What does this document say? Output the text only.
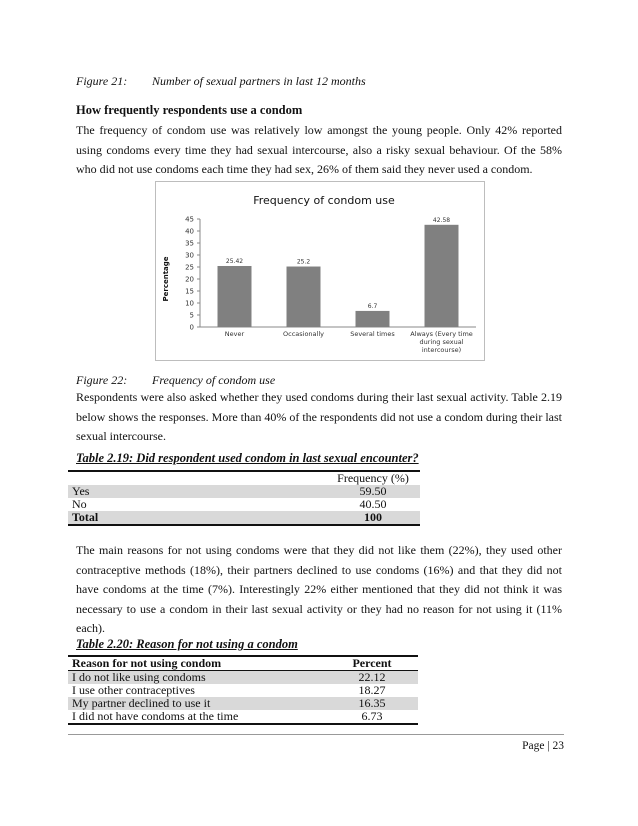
Figure 21: Number of sexual partners in last 12 months
How frequently respondents use a condom
The frequency of condom use was relatively low amongst the young people. Only 42% reported using condoms every time they had sexual intercourse, also a risky sexual behaviour. Of the 58% who did not use condoms each time they had sex, 26% of them said they never used a condom.
Frequency of condom use
Percentage
0
5
10
15
20
25
30
35
40
45
25.42
Never
25.2
Occasionally
6.7
Several times
42.58
Always (Every time during sexual intercourse)
Figure 22: Frequency of condom use
Respondents were also asked whether they used condoms during their last sexual activity. Table 2.19 below shows the responses. More than 40% of the respondents did not use a condom during their last sexual intercourse.
Table 2.19: Did respondent used condom in last sexual encounter?
	Frequency (%)
Yes	59.50
No	40.50
Total	100
The main reasons for not using condoms were that they did not like them (22%), they used other contraceptive methods (18%), their partners declined to use condoms (16%) and that they did not have condoms at the time (7%). Interestingly 22% either mentioned that they did not think it was necessary to use a condom in their last sexual activity or they had no reason for not using it (11% each).
Table 2.20: Reason for not using a condom
Reason for not using condom	Percent
I do not like using condoms	22.12
I use other contraceptives	18.27
My partner declined to use it	16.35
I did not have condoms at the time	6.73
Page | 23
